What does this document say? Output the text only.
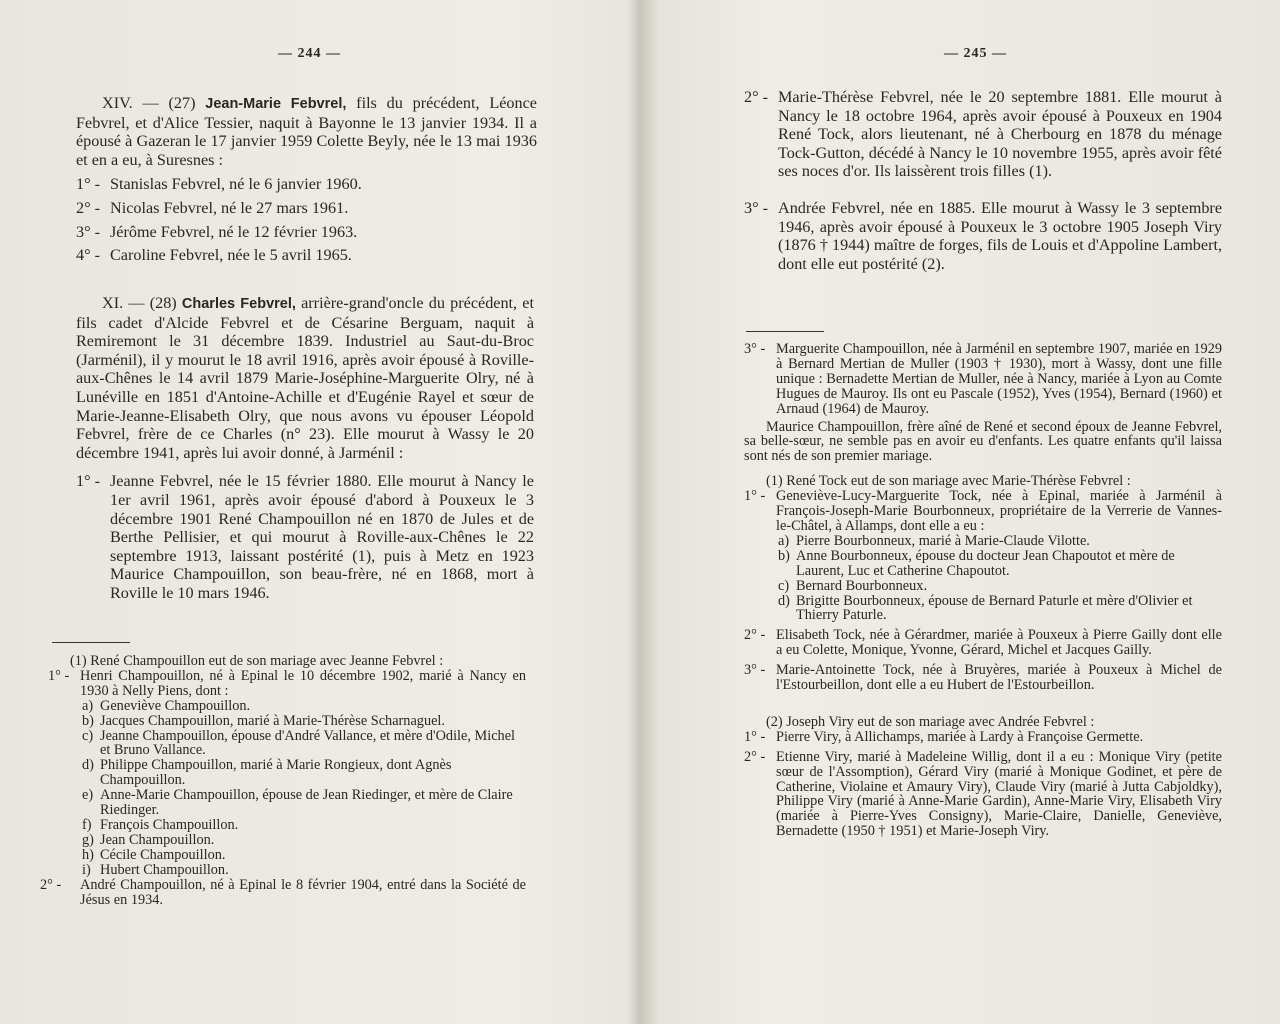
— 244 —

XIV. — (27) Jean-Marie Febvrel, fils du précédent, Léonce Febvrel, et d'Alice Tessier, naquit à Bayonne le 13 janvier 1934. Il a épousé à Gazeran le 17 janvier 1959 Colette Beyly, née le 13 mai 1936 et en a eu, à Suresnes :

1° - Stanislas Febvrel, né le 6 janvier 1960.
2° - Nicolas Febvrel, né le 27 mars 1961.
3° - Jérôme Febvrel, né le 12 février 1963.
4° - Caroline Febvrel, née le 5 avril 1965.

XI. — (28) Charles Febvrel, arrière-grand'oncle du précédent, et fils cadet d'Alcide Febvrel et de Césarine Berguam, naquit à Remiremont le 31 décembre 1839. Industriel au Saut-du-Broc (Jarménil), il y mourut le 18 avril 1916, après avoir épousé à Roville-aux-Chênes le 14 avril 1879 Marie-Joséphine-Marguerite Olry, né à Lunéville en 1851 d'Antoine-Achille et d'Eugénie Rayel et sœur de Marie-Jeanne-Elisabeth Olry, que nous avons vu épouser Léopold Febvrel, frère de ce Charles (n° 23). Elle mourut à Wassy le 20 décembre 1941, après lui avoir donné, à Jarménil :

1° - Jeanne Febvrel, née le 15 février 1880. Elle mourut à Nancy le 1er avril 1961, après avoir épousé d'abord à Pouxeux le 3 décembre 1901 René Champouillon né en 1870 de Jules et de Berthe Pellisier, et qui mourut à Roville-aux-Chênes le 22 septembre 1913, laissant postérité (1), puis à Metz en 1923 Maurice Champouillon, son beau-frère, né en 1868, mort à Roville le 10 mars 1946.

(1) René Champouillon eut de son mariage avec Jeanne Febvrel :

1° - Henri Champouillon, né à Epinal le 10 décembre 1902, marié à Nancy en 1930 à Nelly Piens, dont :
a) Geneviève Champouillon.
b) Jacques Champouillon, marié à Marie-Thérèse Scharnaguel.
c) Jeanne Champouillon, épouse d'André Vallance, et mère d'Odile, Michel et Bruno Vallance.
d) Philippe Champouillon, marié à Marie Rongieux, dont Agnès Champouillon.
e) Anne-Marie Champouillon, épouse de Jean Riedinger, et mère de Claire Riedinger.
f) François Champouillon.
g) Jean Champouillon.
h) Cécile Champouillon.
i) Hubert Champouillon.
2° - André Champouillon, né à Epinal le 8 février 1904, entré dans la Société de Jésus en 1934.
— 245 —
2° - Marie-Thérèse Febvrel, née le 20 septembre 1881. Elle mourut à Nancy le 18 octobre 1964, après avoir épousé à Pouxeux en 1904 René Tock, alors lieutenant, né à Cherbourg en 1878 du ménage Tock-Gutton, décédé à Nancy le 10 novembre 1955, après avoir fêté ses noces d'or. Ils laissèrent trois filles (1).
3° - Andrée Febvrel, née en 1885. Elle mourut à Wassy le 3 septembre 1946, après avoir épousé à Pouxeux le 3 octobre 1905 Joseph Viry (1876 † 1944) maître de forges, fils de Louis et d'Appoline Lambert, dont elle eut postérité (2).
3° - Marguerite Champouillon, née à Jarménil en septembre 1907, mariée en 1929 à Bernard Mertian de Muller (1903 † 1930), mort à Wassy, dont une fille unique : Bernadette Mertian de Muller, née à Nancy, mariée à Lyon au Comte Hugues de Mauroy. Ils ont eu Pascale (1952), Yves (1954), Bernard (1960) et Arnaud (1964) de Mauroy.

Maurice Champouillon, frère aîné de René et second époux de Jeanne Febvrel, sa belle-sœur, ne semble pas en avoir eu d'enfants. Les quatre enfants qu'il laissa sont nés de son premier mariage.

(1) René Tock eut de son mariage avec Marie-Thérèse Febvrel :

1° - Geneviève-Lucy-Marguerite Tock, née à Epinal, mariée à Jarménil à François-Joseph-Marie Bourbonneux, propriétaire de la Verrerie de Vannes-le-Châtel, à Allamps, dont elle a eu :
a) Pierre Bourbonneux, marié à Marie-Claude Vilotte.
b) Anne Bourbonneux, épouse du docteur Jean Chapoutot et mère de Laurent, Luc et Catherine Chapoutot.
c) Bernard Bourbonneux.
d) Brigitte Bourbonneux, épouse de Bernard Paturle et mère d'Olivier et Thierry Paturle.
2° - Elisabeth Tock, née à Gérardmer, mariée à Pouxeux à Pierre Gailly dont elle a eu Colette, Monique, Yvonne, Gérard, Michel et Jacques Gailly.
3° - Marie-Antoinette Tock, née à Bruyères, mariée à Pouxeux à Michel de l'Estourbeillon, dont elle a eu Hubert de l'Estourbeillon.

(2) Joseph Viry eut de son mariage avec Andrée Febvrel :

1° - Pierre Viry, à Allichamps, mariée à Lardy à Françoise Germette.
2° - Etienne Viry, marié à Madeleine Willig, dont il a eu : Monique Viry (petite sœur de l'Assomption), Gérard Viry (marié à Monique Godinet, et père de Catherine, Violaine et Amaury Viry), Claude Viry (marié à Jutta Cabjoldky), Philippe Viry (marié à Anne-Marie Gardin), Anne-Marie Viry, Elisabeth Viry (mariée à Pierre-Yves Consigny), Marie-Claire, Danielle, Geneviève, Bernadette (1950 † 1951) et Marie-Joseph Viry.
